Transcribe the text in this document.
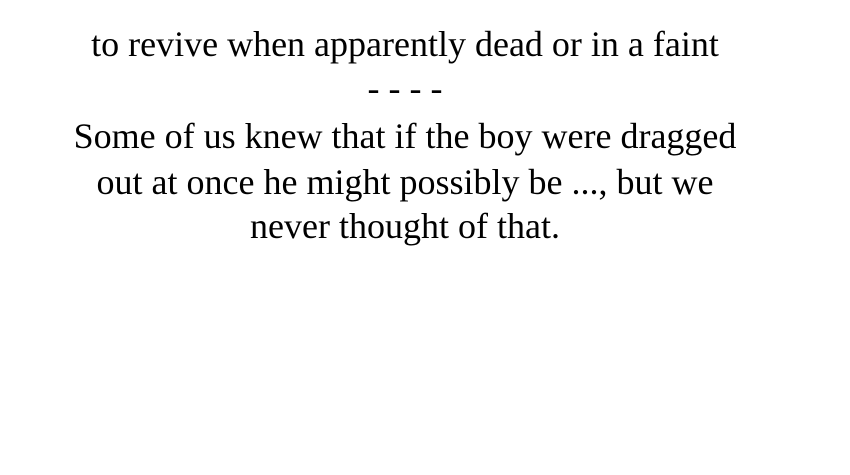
to revive when apparently dead or in a faint
- - - -
Some of us knew that if the boy were dragged
out at once he might possibly be ..., but we
never thought of that.
